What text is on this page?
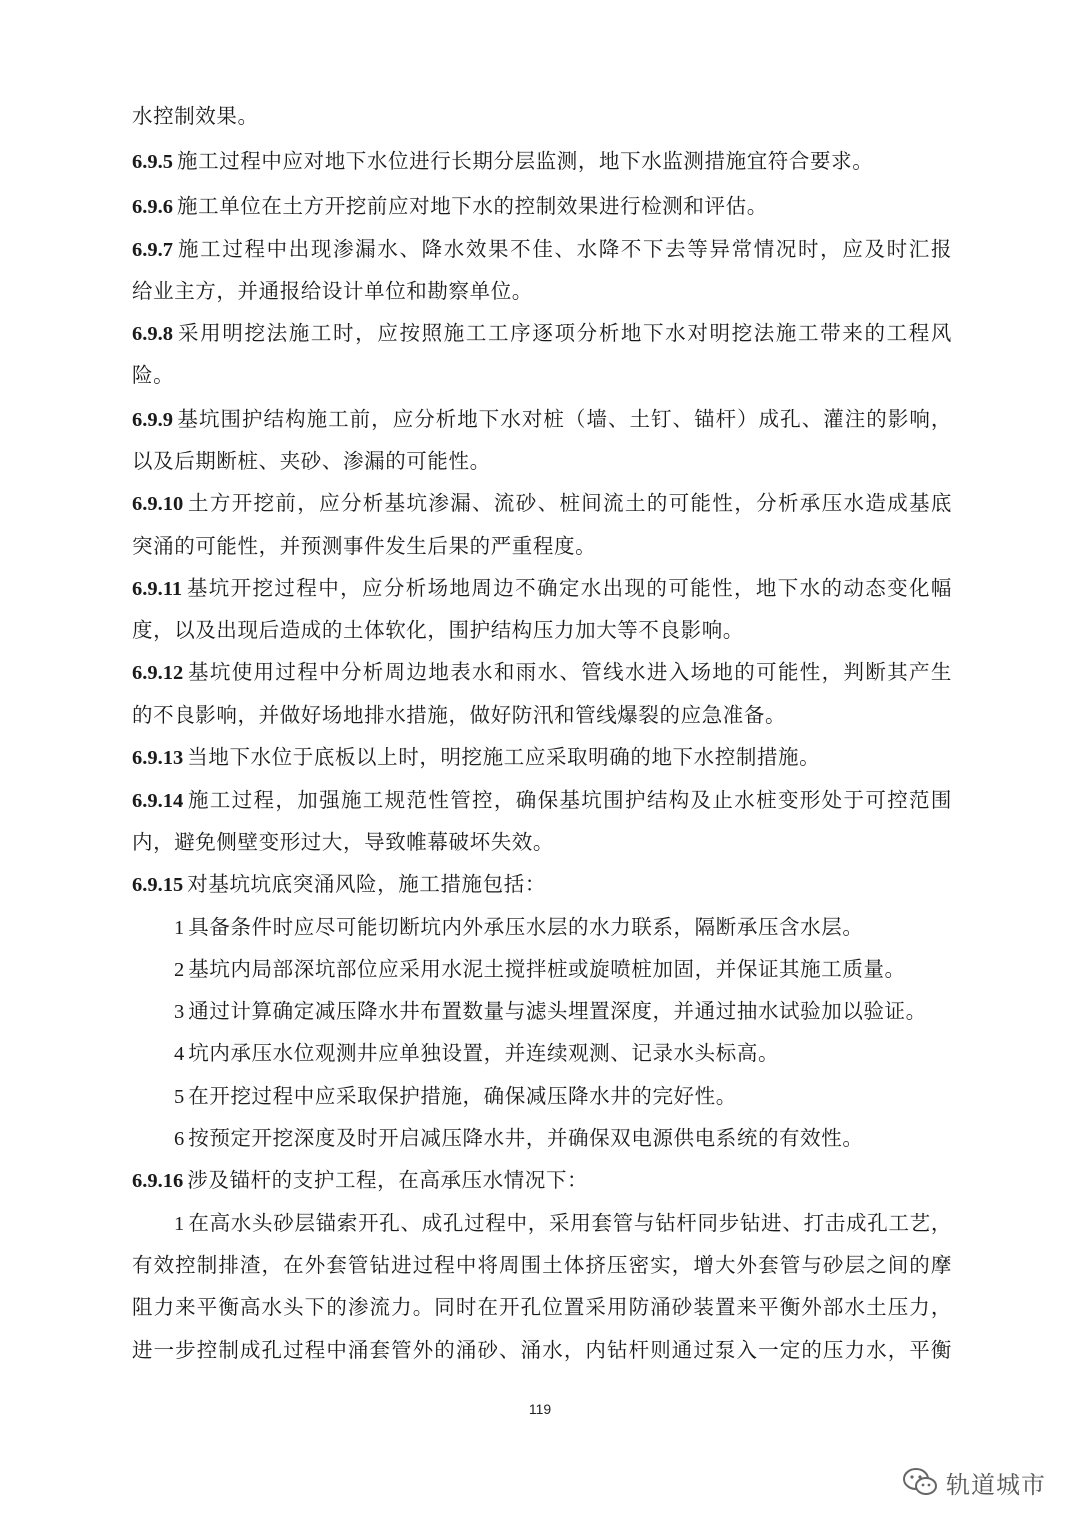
水控制效果。
6.9.5 施工过程中应对地下水位进行长期分层监测，地下水监测措施宜符合要求。
6.9.6 施工单位在土方开挖前应对地下水的控制效果进行检测和评估。
6.9.7 施工过程中出现渗漏水、降水效果不佳、水降不下去等异常情况时，应及时汇报
给业主方，并通报给设计单位和勘察单位。
6.9.8 采用明挖法施工时，应按照施工工序逐项分析地下水对明挖法施工带来的工程风
险。
6.9.9 基坑围护结构施工前，应分析地下水对桩（墙、土钉、锚杆）成孔、灌注的影响，
以及后期断桩、夹砂、渗漏的可能性。
6.9.10 土方开挖前，应分析基坑渗漏、流砂、桩间流土的可能性，分析承压水造成基底
突涌的可能性，并预测事件发生后果的严重程度。
6.9.11 基坑开挖过程中，应分析场地周边不确定水出现的可能性，地下水的动态变化幅
度，以及出现后造成的土体软化，围护结构压力加大等不良影响。
6.9.12 基坑使用过程中分析周边地表水和雨水、管线水进入场地的可能性，判断其产生
的不良影响，并做好场地排水措施，做好防汛和管线爆裂的应急准备。
6.9.13 当地下水位于底板以上时，明挖施工应采取明确的地下水控制措施。
6.9.14 施工过程，加强施工规范性管控，确保基坑围护结构及止水桩变形处于可控范围
内，避免侧壁变形过大，导致帷幕破坏失效。
6.9.15 对基坑坑底突涌风险，施工措施包括：
1 具备条件时应尽可能切断坑内外承压水层的水力联系，隔断承压含水层。
2 基坑内局部深坑部位应采用水泥土搅拌桩或旋喷桩加固，并保证其施工质量。
3 通过计算确定减压降水井布置数量与滤头埋置深度，并通过抽水试验加以验证。
4 坑内承压水位观测井应单独设置，并连续观测、记录水头标高。
5 在开挖过程中应采取保护措施，确保减压降水井的完好性。
6 按预定开挖深度及时开启减压降水井，并确保双电源供电系统的有效性。
6.9.16 涉及锚杆的支护工程，在高承压水情况下：
1 在高水头砂层锚索开孔、成孔过程中，采用套管与钻杆同步钻进、打击成孔工艺，
有效控制排渣，在外套管钻进过程中将周围土体挤压密实，增大外套管与砂层之间的摩
阻力来平衡高水头下的渗流力。同时在开孔位置采用防涌砂装置来平衡外部水土压力，
进一步控制成孔过程中涌套管外的涌砂、涌水，内钻杆则通过泵入一定的压力水，平衡
119
轨道城市
